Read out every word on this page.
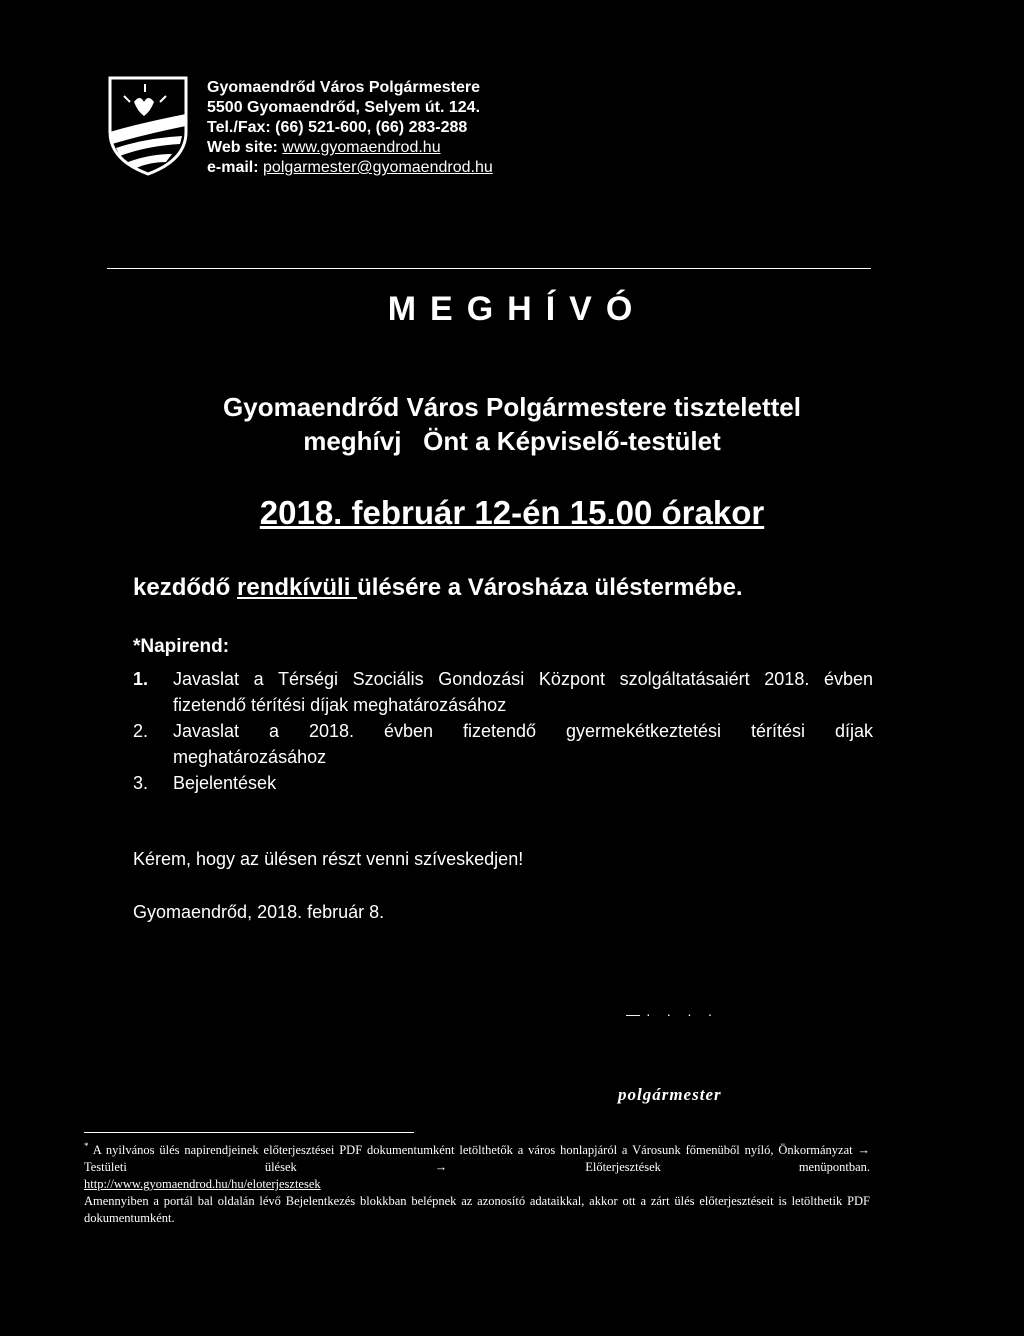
Gyomaendrőd Város Polgármestere
5500 Gyomaendrőd, Selyem út. 124.
Tel./Fax: (66) 521-600, (66) 283-288
Web site: www.gyomaendrod.hu
e-mail: polgarmester@gyomaendrod.hu
MEGHÍVÓ
Gyomaendrőd Város Polgármestere tisztelettel
meghívj   Önt a Képviselő-testület
2018. február 12-én 15.00 órakor
kezdődő rendkívüli ülésére a Városháza üléstermébe.
*Napirend:
1.	Javaslat a Térségi Szociális Gondozási Központ szolgáltatásaiért 2018. évben fizetendő térítési díjak meghatározásához
2.	Javaslat a 2018. évben fizetendő gyermekétkeztetési térítési díjak
meghatározásához
3.	Bejelentések
Kérem, hogy az ülésen részt venni szíveskedjen!
Gyomaendrőd, 2018. február 8.
—· · · ·
polgármester

* A nyilvános ülés napirendjeinek előterjesztései PDF dokumentumként letölthetők a város honlapjáról a Városunk főmenüből nyíló, Önkormányzat → Testületi ülések → Előterjesztések menüpontban.

http://www.gyomaendrod.hu/hu/eloterjesztesek

Amennyiben a portál bal oldalán lévő Bejelentkezés blokkban belépnek az azonosító adataikkal, akkor ott a zárt ülés előterjesztéseit is letölthetik PDF dokumentumként.
